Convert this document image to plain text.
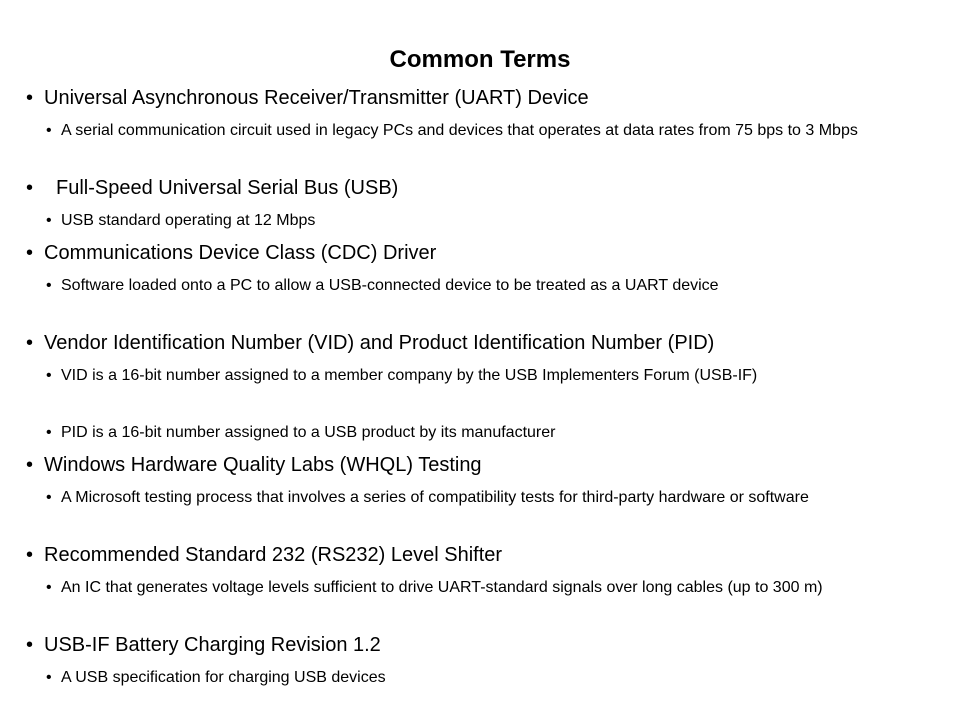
Common Terms
• Universal Asynchronous Receiver/Transmitter (UART) Device
• A serial communication circuit used in legacy PCs and devices that operates at data rates from 75 bps to 3 Mbps
•	Full-Speed Universal Serial Bus (USB)
• USB standard operating at 12 Mbps
• Communications Device Class (CDC) Driver
• Software loaded onto a PC to allow a USB-connected device to be treated as a UART device
• Vendor Identification Number (VID) and Product Identification Number (PID)
• VID is a 16-bit number assigned to a member company by the USB Implementers Forum (USB-IF)
• PID is a 16-bit number assigned to a USB product by its manufacturer
• Windows Hardware Quality Labs (WHQL) Testing
• A Microsoft testing process that involves a series of compatibility tests for third-party hardware or software
• Recommended Standard 232 (RS232) Level Shifter
• An IC that generates voltage levels sufficient to drive UART-standard signals over long cables (up to 300 m)
• USB-IF Battery Charging Revision 1.2
• A USB specification for charging USB devices
